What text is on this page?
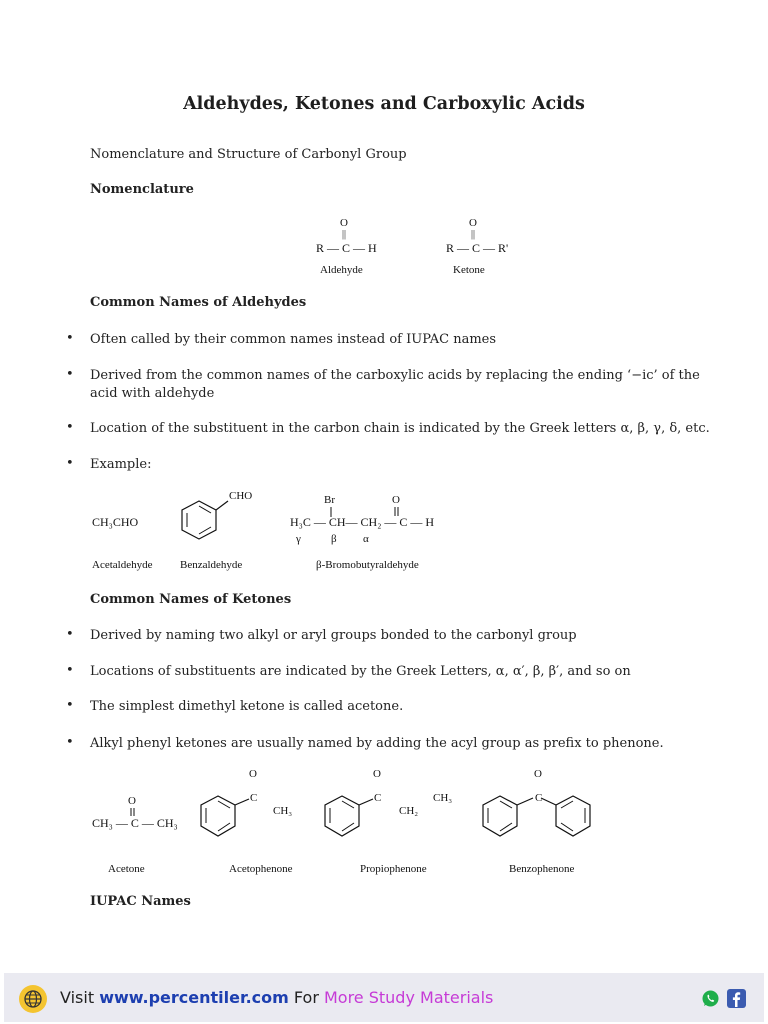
Aldehydes, Ketones and Carboxylic Acids
Nomenclature and Structure of Carbonyl Group
Nomenclature
O
||
R — C — H
Aldehyde
O
||
R — C — R'
Ketone
Common Names of Aldehydes
• Often called by their common names instead of IUPAC names
• Derived from the common names of the carboxylic acids by replacing the ending ‘−ic’ of the acid with aldehyde
• Location of the substituent in the carbon chain is indicated by the Greek letters α, β, γ, δ, etc.
• Example:
CH₃CHO
Acetaldehyde
CHO
Benzaldehyde
Br	O
H₃C — CH— CH₂ — C — H
γ	β α
β-Bromobutyraldehyde
Common Names of Ketones
• Derived by naming two alkyl or aryl groups bonded to the carbonyl group
• Locations of substituents are indicated by the Greek Letters, α, α′, β, β′, and so on
• The simplest dimethyl ketone is called acetone.
• Alkyl phenyl ketones are usually named by adding the acyl group as prefix to phenone.
O
CH₃ — C — CH₃
Acetone
O
C
CH₃
Acetophenone
O
C
CH₂
CH₃
Propiophenone
O
C
Benzophenone
IUPAC Names
Visit www.percentiler.com For More Study Materials
